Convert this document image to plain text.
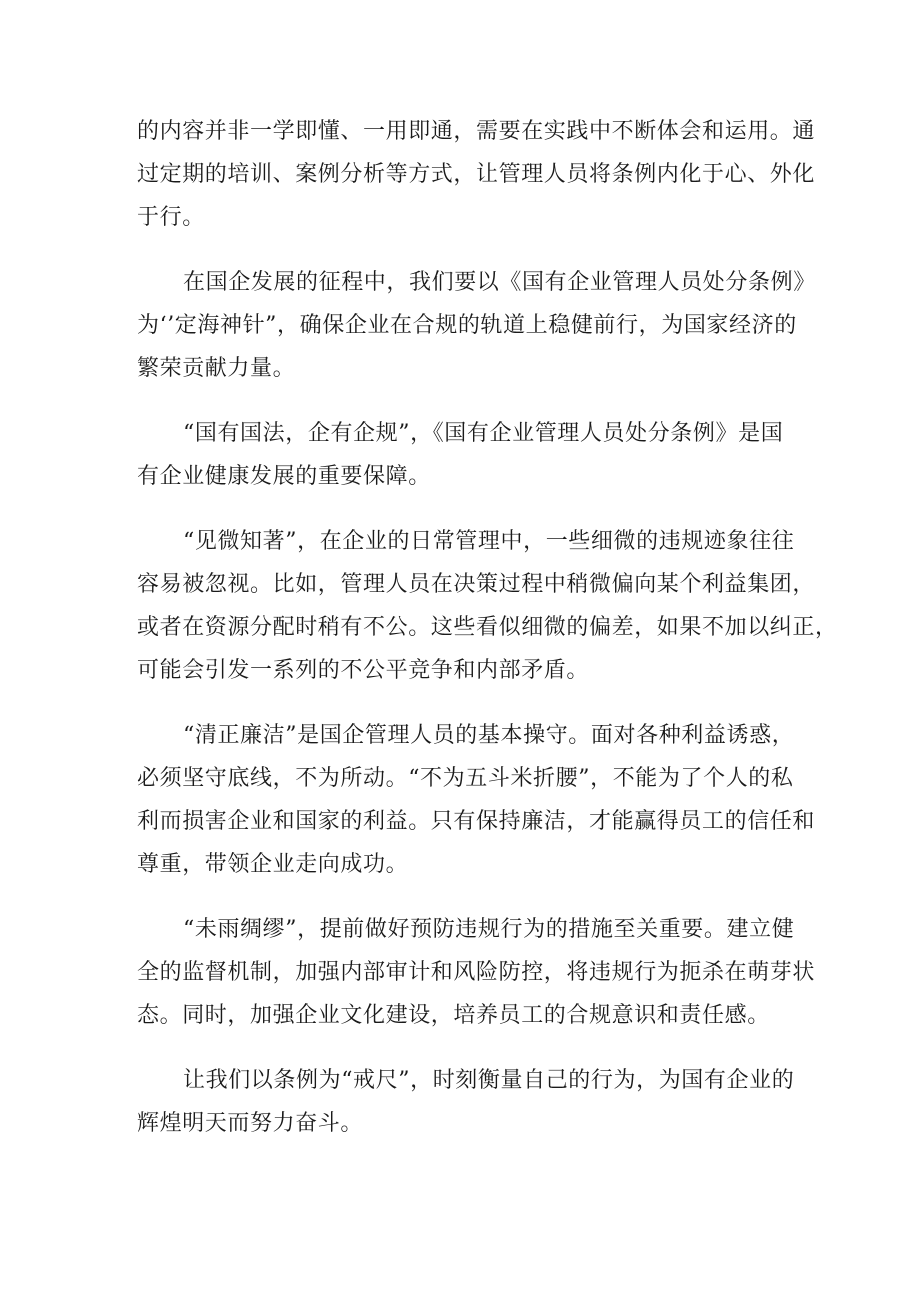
的内容并非一学即懂、一用即通，需要在实践中不断体会和运用。通
过定期的培训、案例分析等方式，让管理人员将条例内化于心、外化
于行。

在国企发展的征程中，我们要以《国有企业管理人员处分条例》
为‘’定海神针”，确保企业在合规的轨道上稳健前行，为国家经济的
繁荣贡献力量。

“国有国法，企有企规”，《国有企业管理人员处分条例》是国
有企业健康发展的重要保障。

“见微知著”，在企业的日常管理中，一些细微的违规迹象往往
容易被忽视。比如，管理人员在决策过程中稍微偏向某个利益集团，
或者在资源分配时稍有不公。这些看似细微的偏差，如果不加以纠正，
可能会引发一系列的不公平竞争和内部矛盾。

“清正廉洁”是国企管理人员的基本操守。面对各种利益诱惑，
必须坚守底线，不为所动。“不为五斗米折腰”，不能为了个人的私
利而损害企业和国家的利益。只有保持廉洁，才能赢得员工的信任和
尊重，带领企业走向成功。

“未雨绸缪”，提前做好预防违规行为的措施至关重要。建立健
全的监督机制，加强内部审计和风险防控，将违规行为扼杀在萌芽状
态。同时，加强企业文化建设，培养员工的合规意识和责任感。

让我们以条例为“戒尺”，时刻衡量自己的行为，为国有企业的
辉煌明天而努力奋斗。
